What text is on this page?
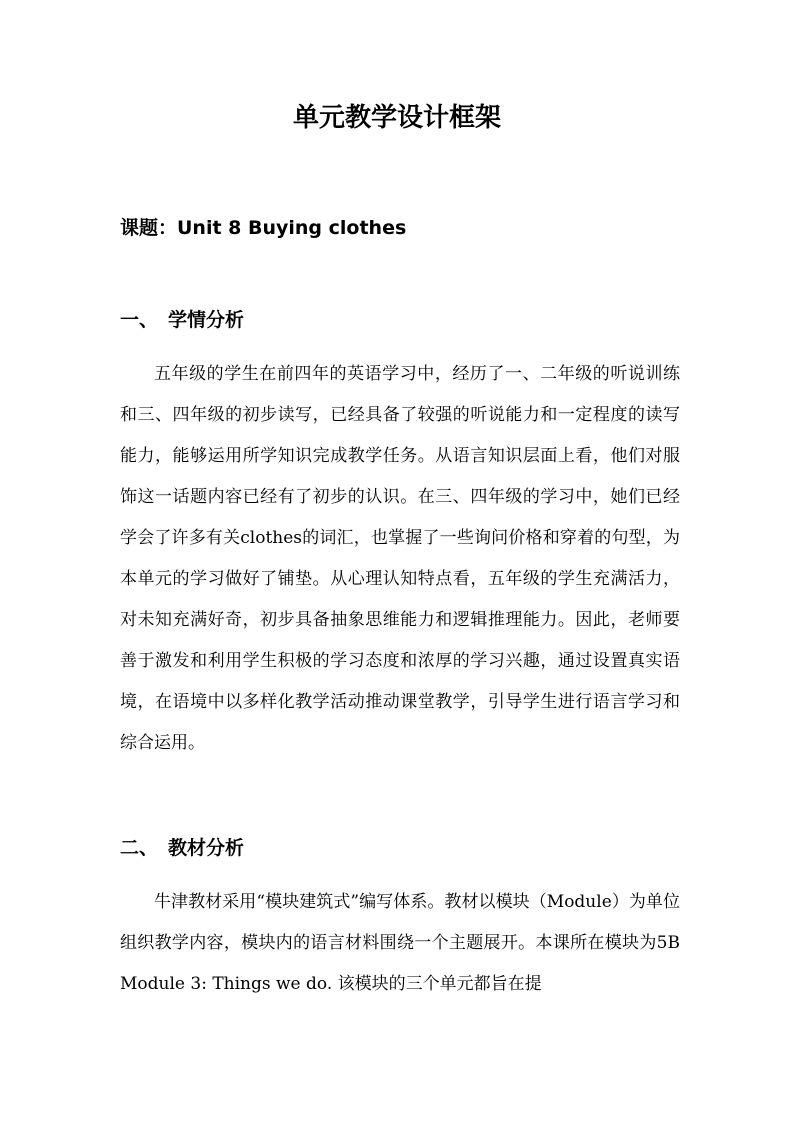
单元教学设计框架

课题：Unit 8 Buying clothes

一、 学情分析

五年级的学生在前四年的英语学习中，经历了一、二年级的听说训练和三、四年级的初步读写，已经具备了较强的听说能力和一定程度的读写能力，能够运用所学知识完成教学任务。从语言知识层面上看，他们对服饰这一话题内容已经有了初步的认识。在三、四年级的学习中，她们已经学会了许多有关clothes的词汇，也掌握了一些询问价格和穿着的句型，为本单元的学习做好了铺垫。从心理认知特点看，五年级的学生充满活力，对未知充满好奇，初步具备抽象思维能力和逻辑推理能力。因此，老师要善于激发和利用学生积极的学习态度和浓厚的学习兴趣，通过设置真实语境，在语境中以多样化教学活动推动课堂教学，引导学生进行语言学习和综合运用。

二、 教材分析

牛津教材采用“模块建筑式”编写体系。教材以模块（Module）为单位组织教学内容，模块内的语言材料围绕一个主题展开。本课所在模块为5B Module 3: Things we do. 该模块的三个单元都旨在提
